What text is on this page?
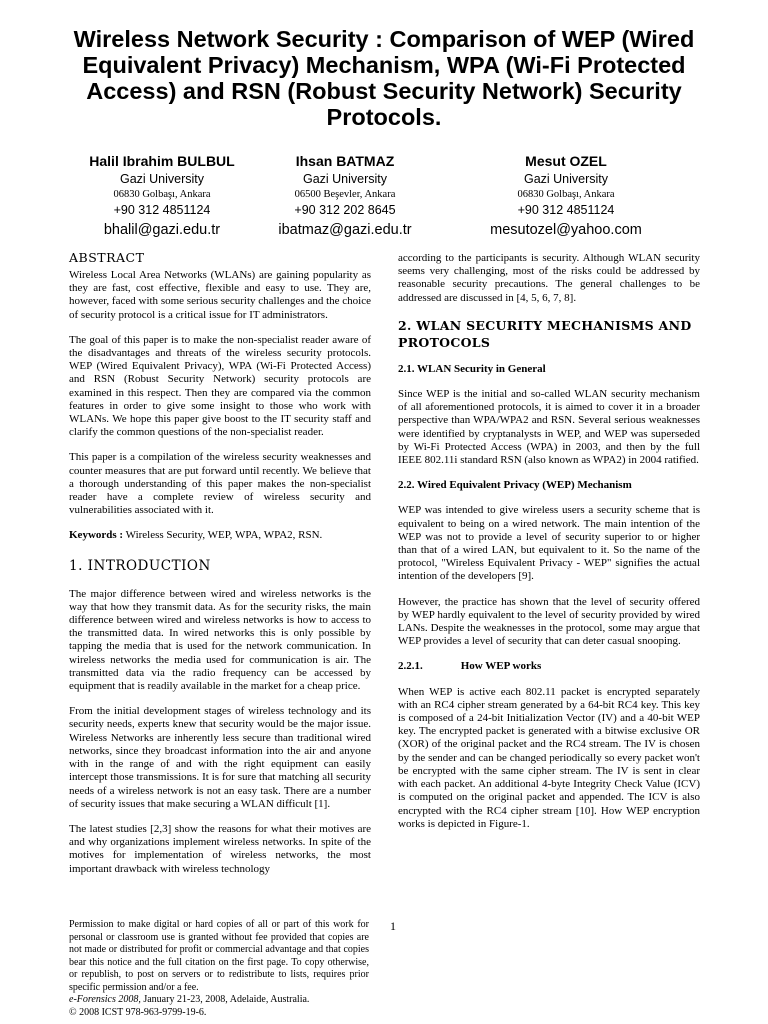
Wireless Network Security : Comparison of WEP (Wired Equivalent Privacy) Mechanism, WPA (Wi-Fi Protected Access) and RSN (Robust Security Network) Security Protocols.
Halil Ibrahim BULBUL
Gazi University
06830 Golbaşı, Ankara
+90 312 4851124
bhalil@gazi.edu.tr
Ihsan BATMAZ
Gazi University
06500 Beşevler, Ankara
+90 312 202 8645
ibatmaz@gazi.edu.tr
Mesut OZEL
Gazi University
06830 Golbaşı, Ankara
+90 312 4851124
mesutozel@yahoo.com
ABSTRACT

Wireless Local Area Networks (WLANs) are gaining popularity as they are fast, cost effective, flexible and easy to use. They are, however, faced with some serious security challenges and the choice of security protocol is a critical issue for IT administrators.

The goal of this paper is to make the non-specialist reader aware of the disadvantages and threats of the wireless security protocols. WEP (Wired Equivalent Privacy), WPA (Wi-Fi Protected Access) and RSN (Robust Security Network) security protocols are examined in this respect. Then they are compared via the common features in order to give some insight to those who work with WLANs. We hope this paper give boost to the IT security staff and clarify the common questions of the non-specialist reader.

This paper is a compilation of the wireless security weaknesses and counter measures that are put forward until recently. We believe that a thorough understanding of this paper makes the non-specialist reader have a complete review of wireless security and vulnerabilities associated with it.

Keywords : Wireless Security, WEP, WPA, WPA2, RSN.

1. INTRODUCTION

The major difference between wired and wireless networks is the way that how they transmit data. As for the security risks, the main difference between wired and wireless networks is how to access to the transmitted data. In wired networks this is only possible by tapping the media that is used for the network communication. In wireless networks the media used for communication is air. The transmitted data via the radio frequency can be accessed by equipment that is readily available in the market for a cheap price.

From the initial development stages of wireless technology and its security needs, experts knew that security would be the major issue. Wireless Networks are inherently less secure than traditional wired networks, since they broadcast information into the air and anyone with in the range of and with the right equipment can easily intercept those transmissions. It is for sure that matching all security needs of a wireless network is not an easy task. There are a number of security issues that make securing a WLAN difficult [1].

The latest studies [2,3] show the reasons for what their motives are and why organizations implement wireless networks. In spite of the motives for implementation of wireless networks, the most important drawback with wireless technology

according to the participants is security. Although WLAN security seems very challenging, most of the risks could be addressed by reasonable security precautions. The general challenges to be addressed are discussed in [4, 5, 6, 7, 8].

2. WLAN SECURITY MECHANISMS AND PROTOCOLS
2.1. WLAN Security in General

Since WEP is the initial and so-called WLAN security mechanism of all aforementioned protocols, it is aimed to cover it in a broader perspective than WPA/WPA2 and RSN. Several serious weaknesses were identified by cryptanalysts in WEP, and WEP was superseded by Wi-Fi Protected Access (WPA) in 2003, and then by the full IEEE 802.11i standard RSN (also known as WPA2) in 2004 ratified.

2.2. Wired Equivalent Privacy (WEP) Mechanism

WEP was intended to give wireless users a security scheme that is equivalent to being on a wired network. The main intention of the WEP was not to provide a level of security superior to or higher than that of a wired LAN, but equivalent to it. So the name of the protocol, "Wireless Equivalent Privacy - WEP" signifies the actual intention of the developers [9].

However, the practice has shown that the level of security offered by WEP hardly equivalent to the level of security provided by wired LANs. Despite the weaknesses in the protocol, some may argue that WEP provides a level of security that can deter casual snooping.

2.2.1.	How WEP works

When WEP is active each 802.11 packet is encrypted separately with an RC4 cipher stream generated by a 64-bit RC4 key. This key is composed of a 24-bit Initialization Vector (IV) and a 40-bit WEP key. The encrypted packet is generated with a bitwise exclusive OR (XOR) of the original packet and the RC4 stream. The IV is chosen by the sender and can be changed periodically so every packet won't be encrypted with the same cipher stream. The IV is sent in clear with each packet. An additional 4-byte Integrity Check Value (ICV) is computed on the original packet and appended. The ICV is also encrypted with the RC4 cipher stream [10]. How WEP encryption works is depicted in Figure-1.

1
Permission to make digital or hard copies of all or part of this work for personal or classroom use is granted without fee provided that copies are not made or distributed for profit or commercial advantage and that copies bear this notice and the full citation on the first page. To copy otherwise, or republish, to post on servers or to redistribute to lists, requires prior specific permission and/or a fee.
e-Forensics 2008, January 21-23, 2008, Adelaide, Australia.
© 2008 ICST 978-963-9799-19-6.
